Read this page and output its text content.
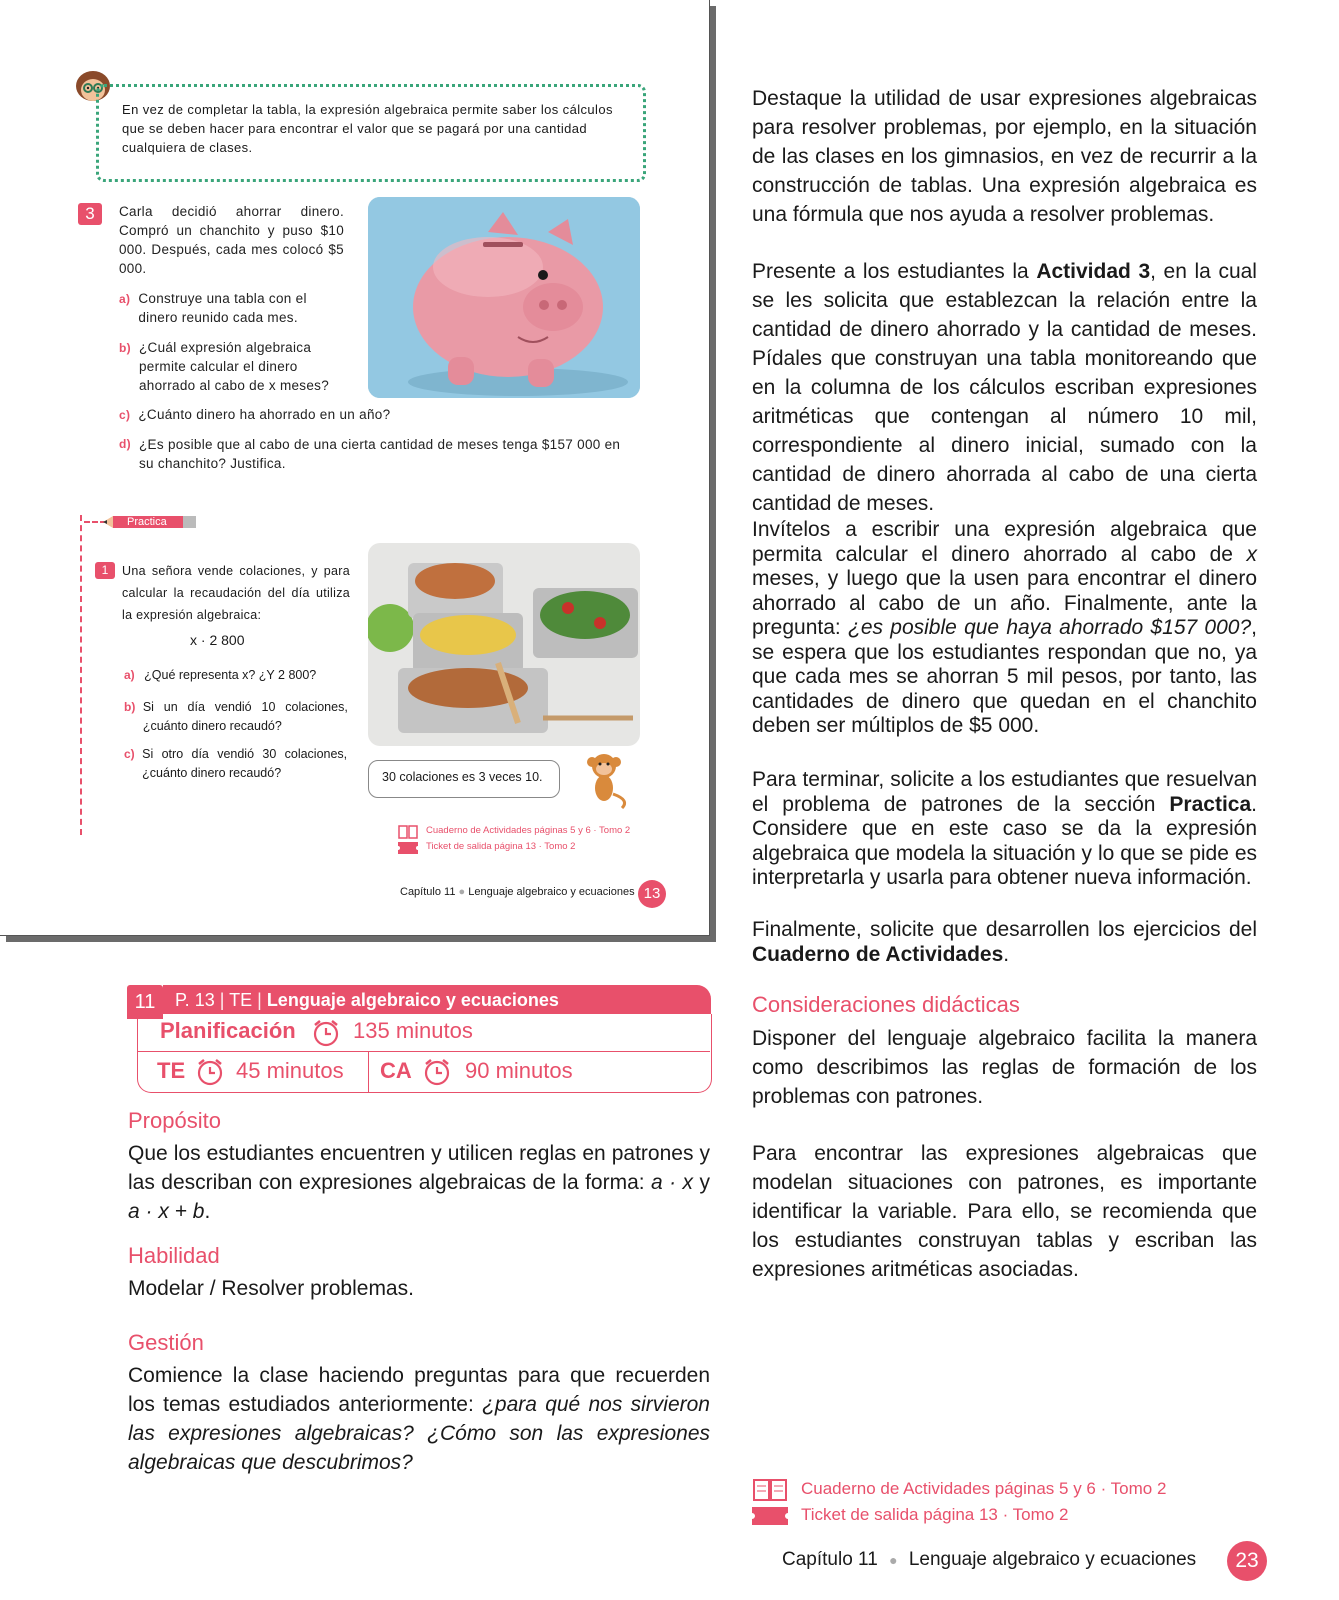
En vez de completar la tabla, la expresión algebraica permite saber los cálculos que se deben hacer para encontrar el valor que se pagará por una cantidad cualquiera de clases.
3	Carla decidió ahorrar dinero. Compró un chanchito y puso $10 000. Después, cada mes colocó $5 000.
a) Construye una tabla con el dinero reunido cada mes.
b) ¿Cuál expresión algebraica permite calcular el dinero ahorrado al cabo de x meses?
c) ¿Cuánto dinero ha ahorrado en un año?
d) ¿Es posible que al cabo de una cierta cantidad de meses tenga $157 000 en su chanchito? Justifica.
Practica
1	Una señora vende colaciones, y para calcular la recaudación del día utiliza la expresión algebraica:
x · 2 800
a) ¿Qué representa x? ¿Y 2 800?
b) Si un día vendió 10 colaciones, ¿cuánto dinero recaudó?
c) Si otro día vendió 30 colaciones, ¿cuánto dinero recaudó?	30 colaciones es 3 veces 10.
Cuaderno de Actividades páginas 5 y 6 · Tomo 2
Ticket de salida página 13 · Tomo 2
Capítulo 11 ● Lenguaje algebraico y ecuaciones 13
11	P. 13 | TE | Lenguaje algebraico y ecuaciones
Planificación	135 minutos
TE 45 minutos CA 90 minutos
Propósito
Que los estudiantes encuentren y utilicen reglas en patrones y las describan con expresiones algebraicas de la forma: a · x y a · x + b.
Habilidad
Modelar / Resolver problemas.
Gestión
Comience la clase haciendo preguntas para que recuerden los temas estudiados anteriormente: ¿para qué nos sirvieron las expresiones algebraicas? ¿Cómo son las expresiones algebraicas que descubrimos?
Destaque la utilidad de usar expresiones algebraicas para resolver problemas, por ejemplo, en la situación de las clases en los gimnasios, en vez de recurrir a la construcción de tablas. Una expresión algebraica es una fórmula que nos ayuda a resolver problemas.
Presente a los estudiantes la Actividad 3, en la cual se les solicita que establezcan la relación entre la cantidad de dinero ahorrado y la cantidad de meses. Pídales que construyan una tabla monitoreando que en la columna de los cálculos escriban expresiones aritméticas que contengan al número 10 mil, correspondiente al dinero inicial, sumado con la cantidad de dinero ahorrada al cabo de una cierta cantidad de meses.
Invítelos a escribir una expresión algebraica que permita calcular el dinero ahorrado al cabo de x meses, y luego que la usen para encontrar el dinero ahorrado al cabo de un año. Finalmente, ante la pregunta: ¿es posible que haya ahorrado $157 000?, se espera que los estudiantes respondan que no, ya que cada mes se ahorran 5 mil pesos, por tanto, las cantidades de dinero que quedan en el chanchito deben ser múltiplos de $5 000.
Para terminar, solicite a los estudiantes que resuelvan el problema de patrones de la sección Practica. Considere que en este caso se da la expresión algebraica que modela la situación y lo que se pide es interpretarla y usarla para obtener nueva información.
Finalmente, solicite que desarrollen los ejercicios del Cuaderno de Actividades.
Consideraciones didácticas
Disponer del lenguaje algebraico facilita la manera como describimos las reglas de formación de los problemas con patrones.
Para encontrar las expresiones algebraicas que modelan situaciones con patrones, es importante identificar la variable. Para ello, se recomienda que los estudiantes construyan tablas y escriban las expresiones aritméticas asociadas.
Cuaderno de Actividades páginas 5 y 6 · Tomo 2
Ticket de salida página 13 · Tomo 2
Capítulo 11 ● Lenguaje algebraico y ecuaciones	23
